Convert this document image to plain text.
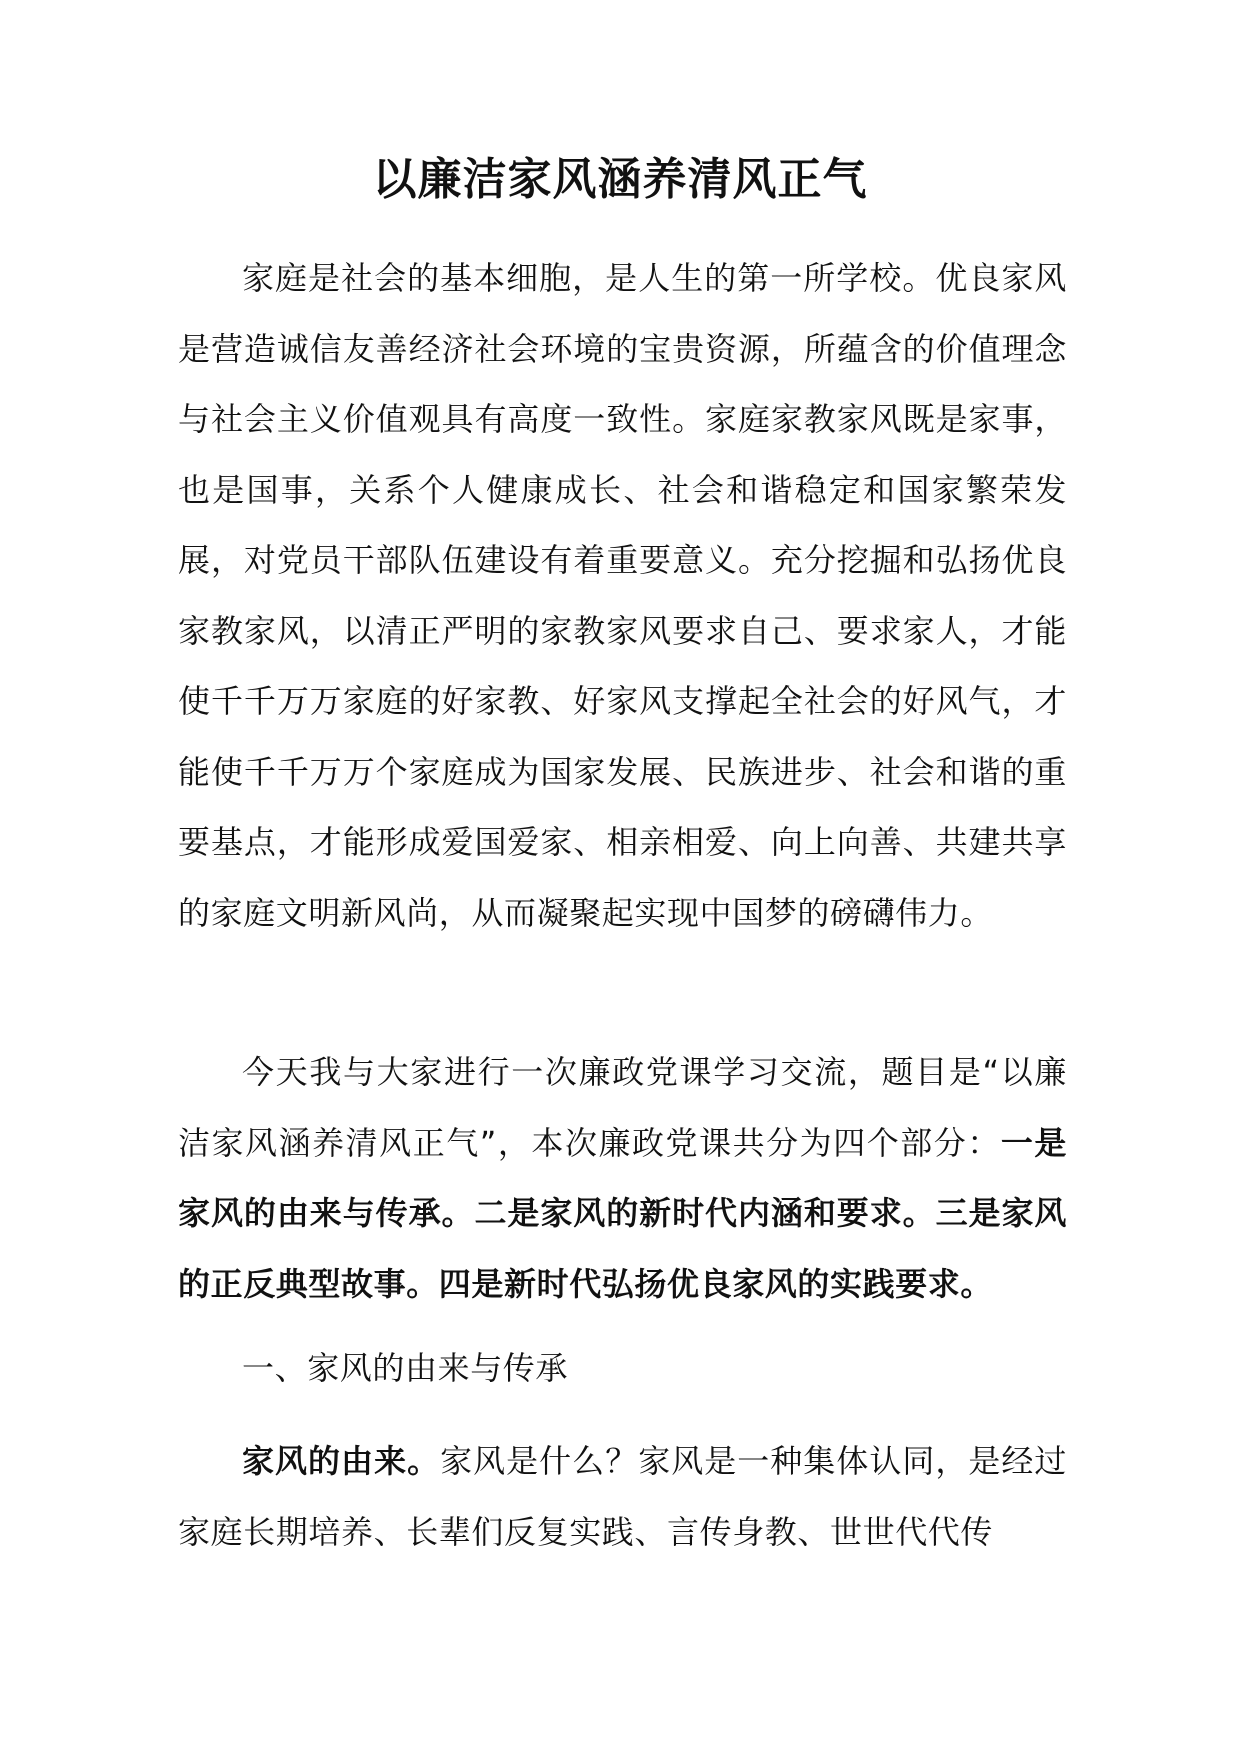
以廉洁家风涵养清风正气

家庭是社会的基本细胞，是人生的第一所学校。优良家风是营造诚信友善经济社会环境的宝贵资源，所蕴含的价值理念与社会主义价值观具有高度一致性。家庭家教家风既是家事，也是国事，关系个人健康成长、社会和谐稳定和国家繁荣发展，对党员干部队伍建设有着重要意义。充分挖掘和弘扬优良家教家风，以清正严明的家教家风要求自己、要求家人，才能使千千万万家庭的好家教、好家风支撑起全社会的好风气，才能使千千万万个家庭成为国家发展、民族进步、社会和谐的重要基点，才能形成爱国爱家、相亲相爱、向上向善、共建共享的家庭文明新风尚，从而凝聚起实现中国梦的磅礴伟力。

今天我与大家进行一次廉政党课学习交流，题目是“以廉洁家风涵养清风正气”，本次廉政党课共分为四个部分：一是家风的由来与传承。二是家风的新时代内涵和要求。三是家风的正反典型故事。四是新时代弘扬优良家风的实践要求。

一、家风的由来与传承

家风的由来。家风是什么？家风是一种集体认同，是经过家庭长期培养、长辈们反复实践、言传身教、世世代代传
